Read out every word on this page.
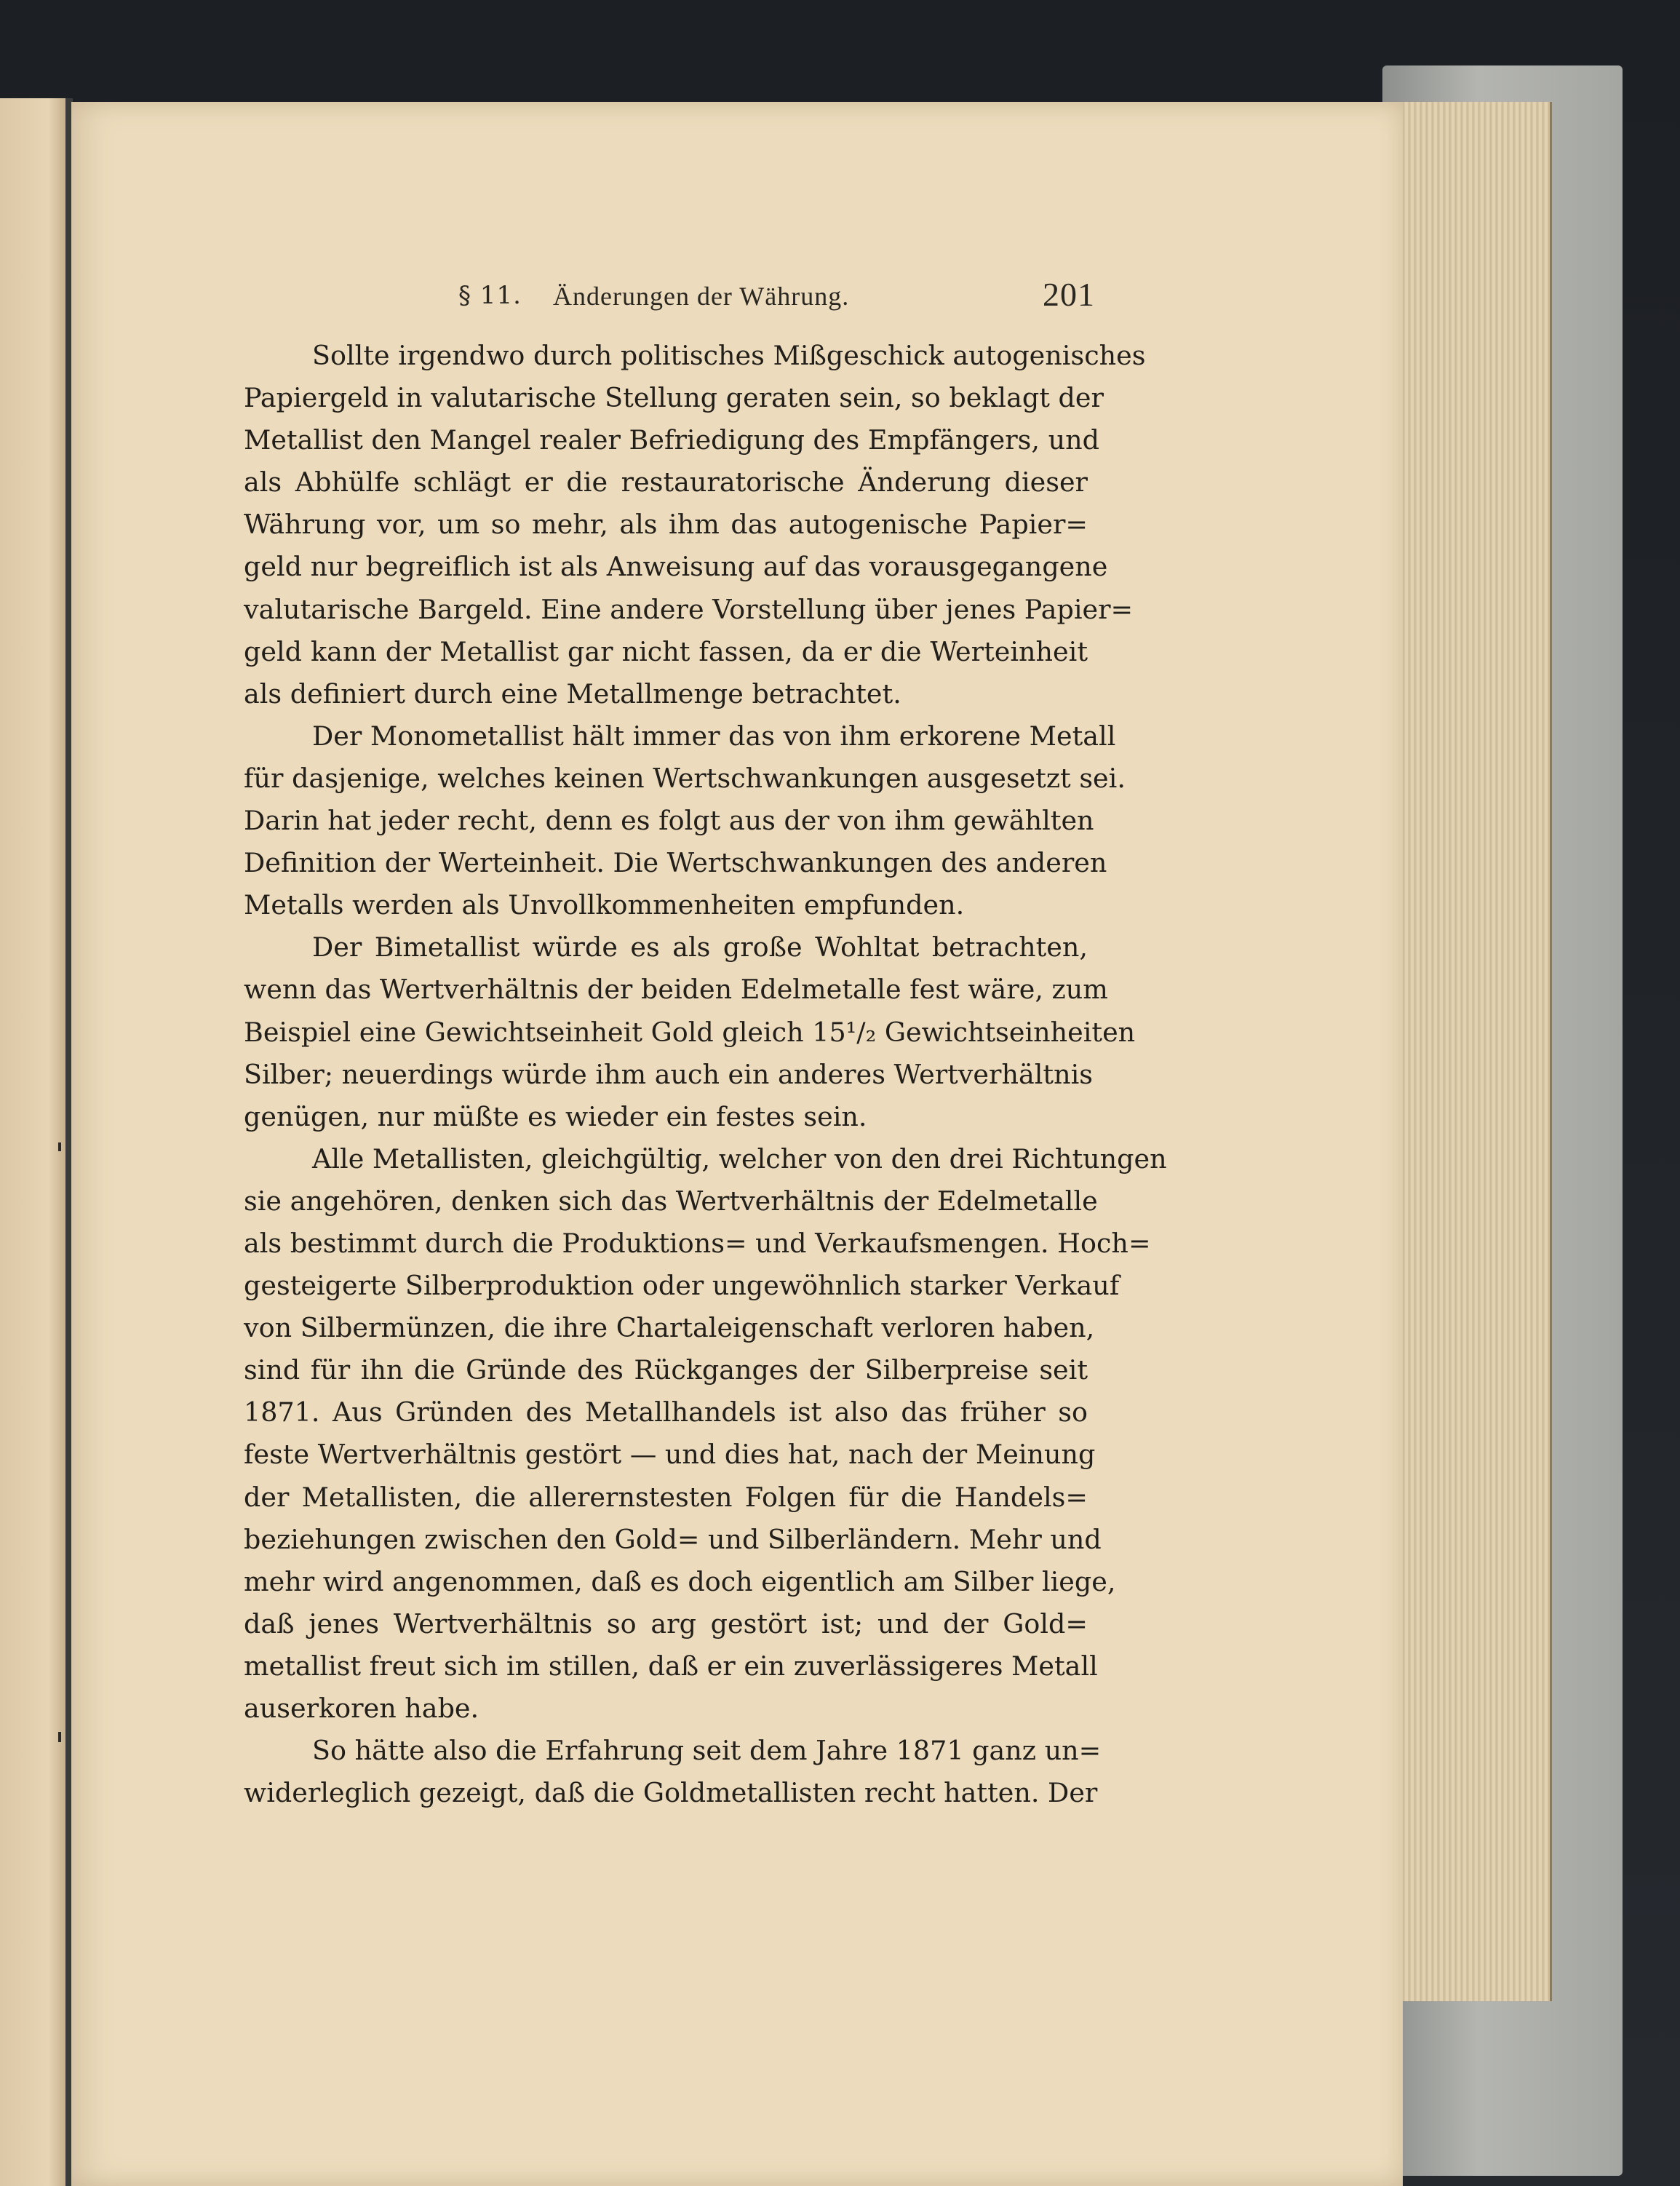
§ 11. Änderungen der Währung.	201
Sollte irgendwo durch politisches Mißgeschick autogenisches
Papiergeld in valutarische Stellung geraten sein, so beklagt der
Metallist den Mangel realer Befriedigung des Empfängers, und
als Abhülfe schlägt er die restauratorische Änderung dieser
Währung vor, um so mehr, als ihm das autogenische Papier=
geld nur begreiflich ist als Anweisung auf das vorausgegangene
valutarische Bargeld. Eine andere Vorstellung über jenes Papier=
geld kann der Metallist gar nicht fassen, da er die Werteinheit
als definiert durch eine Metallmenge betrachtet.
Der Monometallist hält immer das von ihm erkorene Metall
für dasjenige, welches keinen Wertschwankungen ausgesetzt sei.
Darin hat jeder recht, denn es folgt aus der von ihm gewählten
Definition der Werteinheit. Die Wertschwankungen des anderen
Metalls werden als Unvollkommenheiten empfunden.
Der Bimetallist würde es als große Wohltat betrachten,
wenn das Wertverhältnis der beiden Edelmetalle fest wäre, zum
Beispiel eine Gewichtseinheit Gold gleich 15¹/₂ Gewichtseinheiten
Silber; neuerdings würde ihm auch ein anderes Wertverhältnis
genügen, nur müßte es wieder ein festes sein.
Alle Metallisten, gleichgültig, welcher von den drei Richtungen
sie angehören, denken sich das Wertverhältnis der Edelmetalle
als bestimmt durch die Produktions= und Verkaufsmengen. Hoch=
gesteigerte Silberproduktion oder ungewöhnlich starker Verkauf
von Silbermünzen, die ihre Chartaleigenschaft verloren haben,
sind für ihn die Gründe des Rückganges der Silberpreise seit
1871. Aus Gründen des Metallhandels ist also das früher so
feste Wertverhältnis gestört — und dies hat, nach der Meinung
der Metallisten, die allerernstesten Folgen für die Handels=
beziehungen zwischen den Gold= und Silberländern. Mehr und
mehr wird angenommen, daß es doch eigentlich am Silber liege,
daß jenes Wertverhältnis so arg gestört ist; und der Gold=
metallist freut sich im stillen, daß er ein zuverlässigeres Metall
auserkoren habe.
So hätte also die Erfahrung seit dem Jahre 1871 ganz un=
widerleglich gezeigt, daß die Goldmetallisten recht hatten. Der
